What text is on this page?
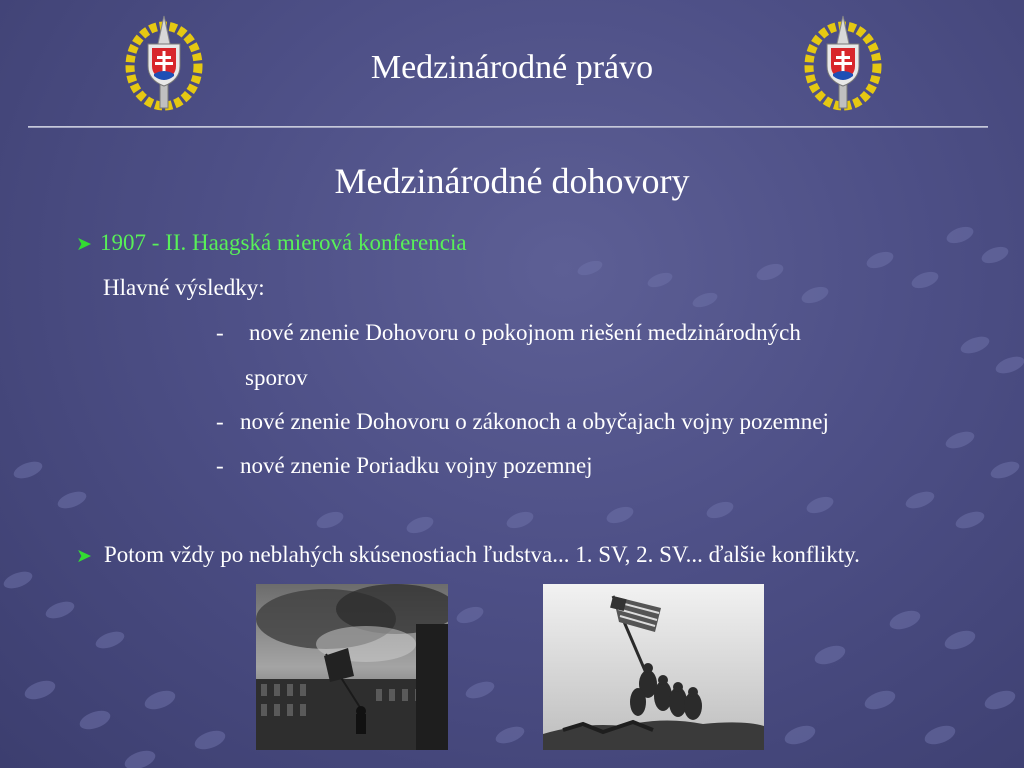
Medzinárodné právo
Medzinárodné dohovory
➤ 1907 - II. Haagská mierová konferencia
Hlavné výsledky:
- nové znenie Dohovoru o pokojnom riešení medzinárodných
sporov
- nové znenie Dohovoru o zákonoch a obyčajach vojny pozemnej
- nové znenie Poriadku vojny pozemnej
➤ Potom vždy po neblahých skúsenostiach ľudstva... 1. SV, 2. SV... ďalšie konflikty.
